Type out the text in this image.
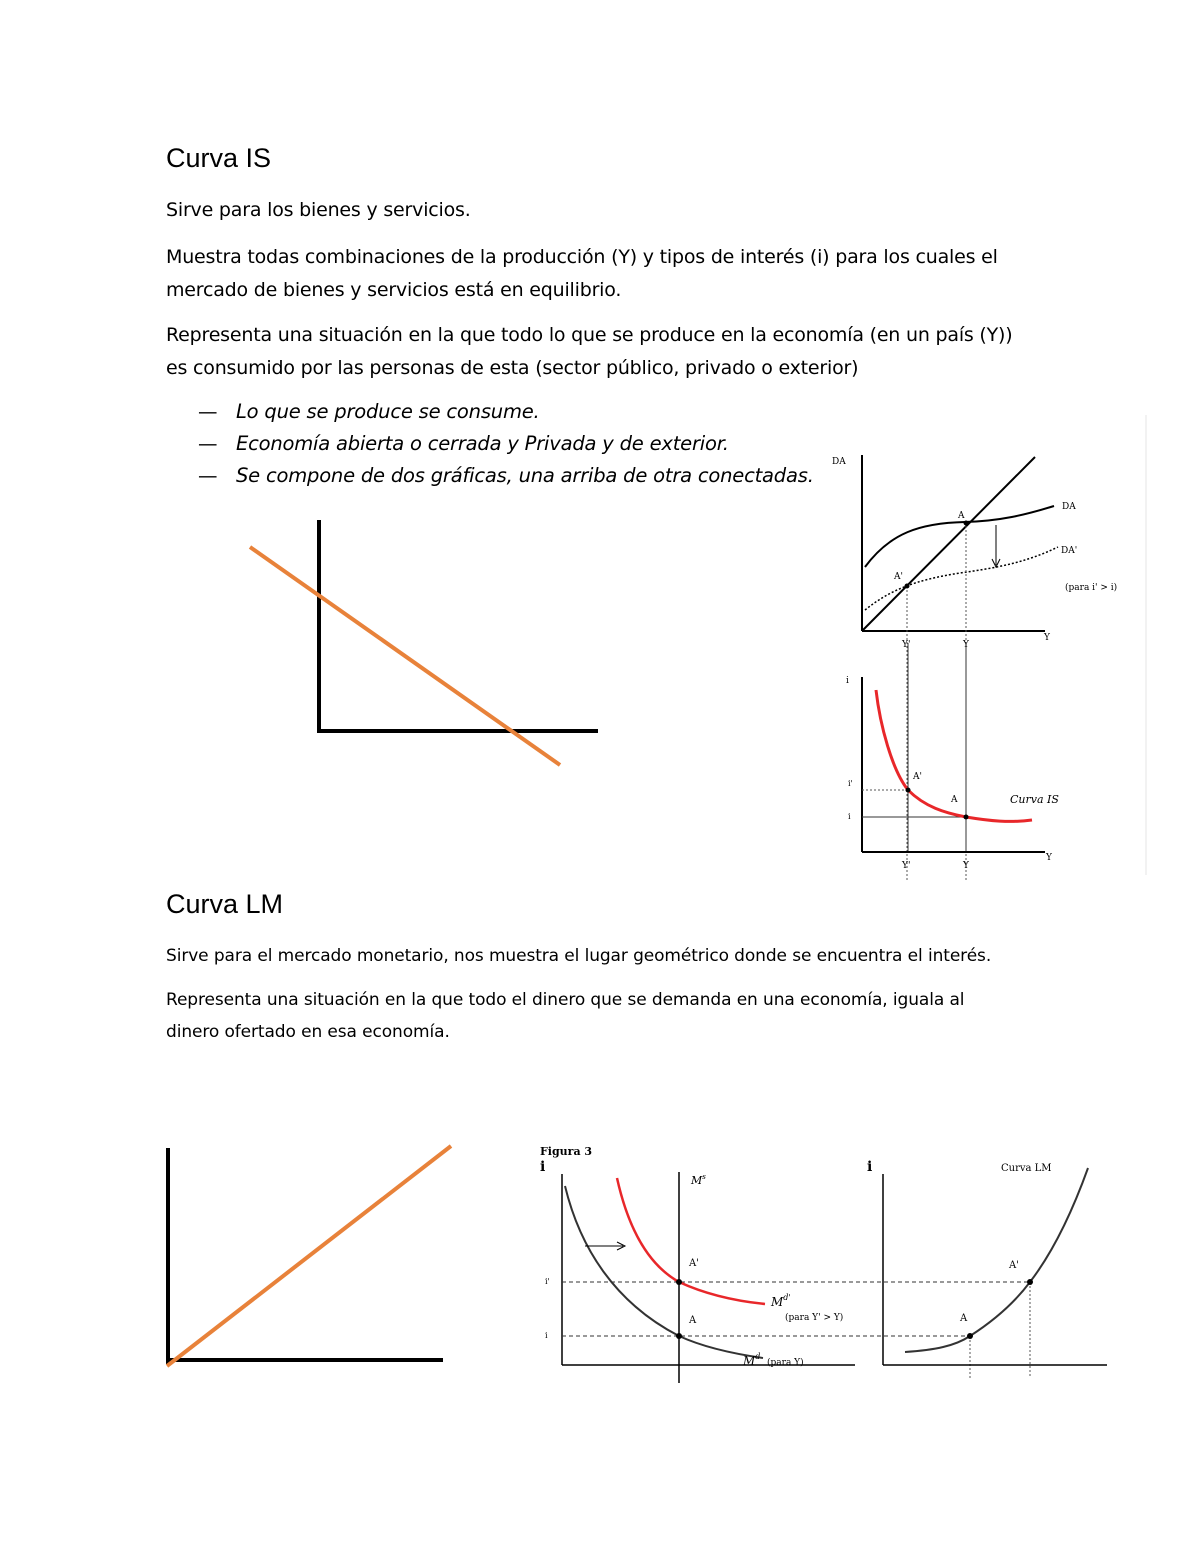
Curva IS

Sirve para los bienes y servicios.

Muestra todas combinaciones de la producción (Y) y tipos de interés (i) para los cuales el

mercado de bienes y servicios está en equilibrio.

Representa una situación en la que todo lo que se produce en la economía (en un país (Y))

es consumido por las personas de esta (sector público, privado o exterior)

— Lo que se produce se consume.
— Economía abierta o cerrada y Privada y de exterior.
— Se compone de dos gráficas, una arriba de otra conectadas.
DA
Y
A
A'
DA
DA'
(para i' > i)
Y'	Y
i
Y
A'
A
i'
i
Curva IS
Y'	Y
Curva LM

Sirve para el mercado monetario, nos muestra el lugar geométrico donde se encuentra el interés.

Representa una situación en la que todo el dinero que se demanda en una economía, iguala al

dinero ofertado en esa economía.

Figura 3
i
$M^s$
i'
i
A'
A
$M^{d'}$
(para Y' > Y)
$M^d$
(para Y)
i	Curva LM
A
A'
